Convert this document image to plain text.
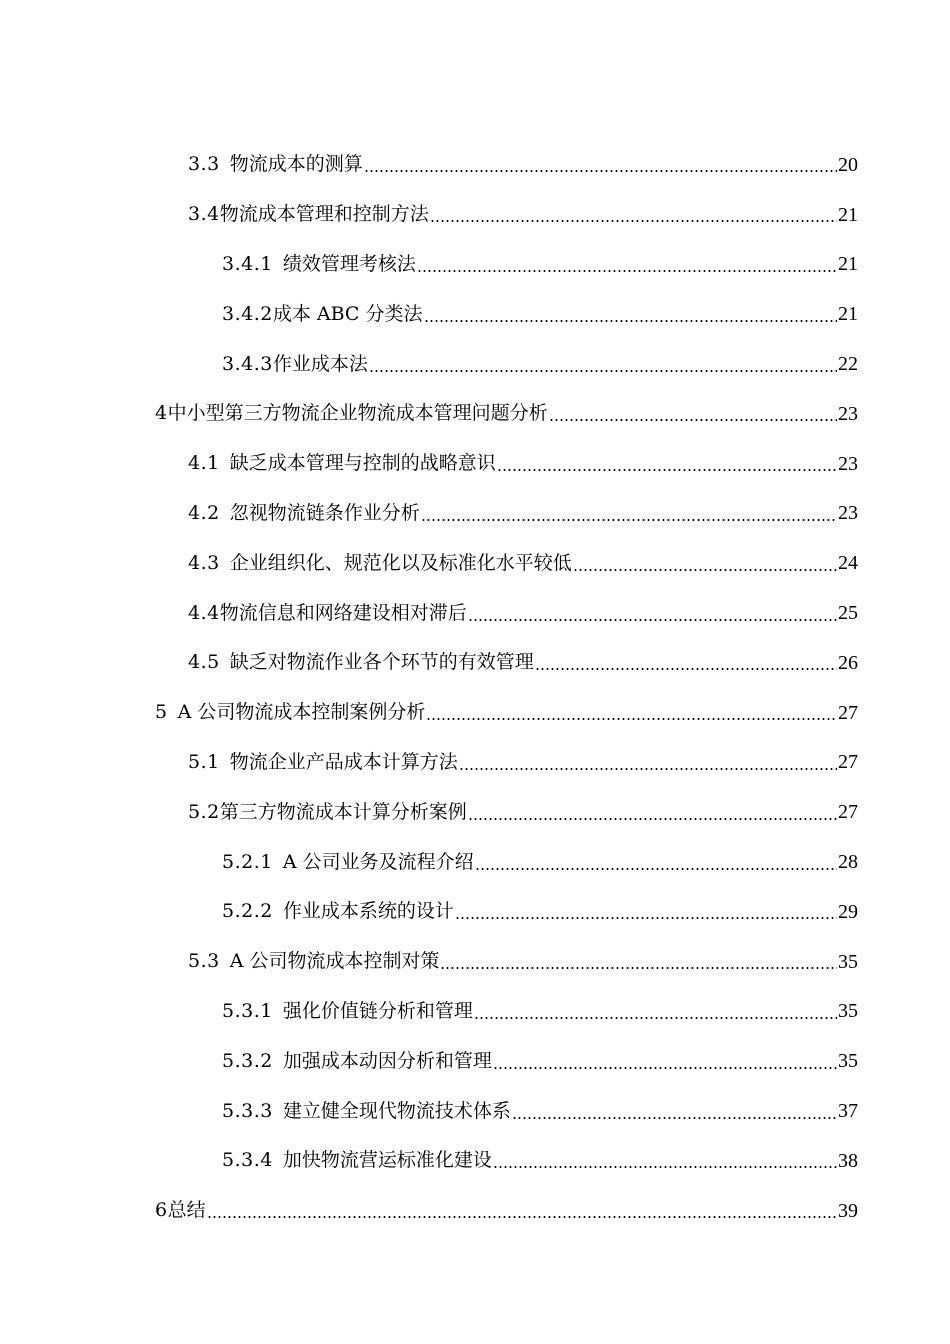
3.3 物流成本的测算	20
3.4 物流成本管理和控制方法	21
3.4.1 绩效管理考核法	21
3.4.2 成本 ABC 分类法	21
3.4.3 作业成本法	22
4 中小型第三方物流企业物流成本管理问题分析	23
4.1 缺乏成本管理与控制的战略意识	23
4.2 忽视物流链条作业分析	23
4.3 企业组织化、规范化以及标准化水平较低	24
4.4 物流信息和网络建设相对滞后	25
4.5 缺乏对物流作业各个环节的有效管理	26
5 A 公司物流成本控制案例分析	27
5.1 物流企业产品成本计算方法	27
5.2 第三方物流成本计算分析案例	27
5.2.1 A 公司业务及流程介绍	28
5.2.2 作业成本系统的设计	29
5.3 A 公司物流成本控制对策	35
5.3.1 强化价值链分析和管理	35
5.3.2 加强成本动因分析和管理	35
5.3.3 建立健全现代物流技术体系	37
5.3.4 加快物流营运标准化建设	38
6 总结	39
